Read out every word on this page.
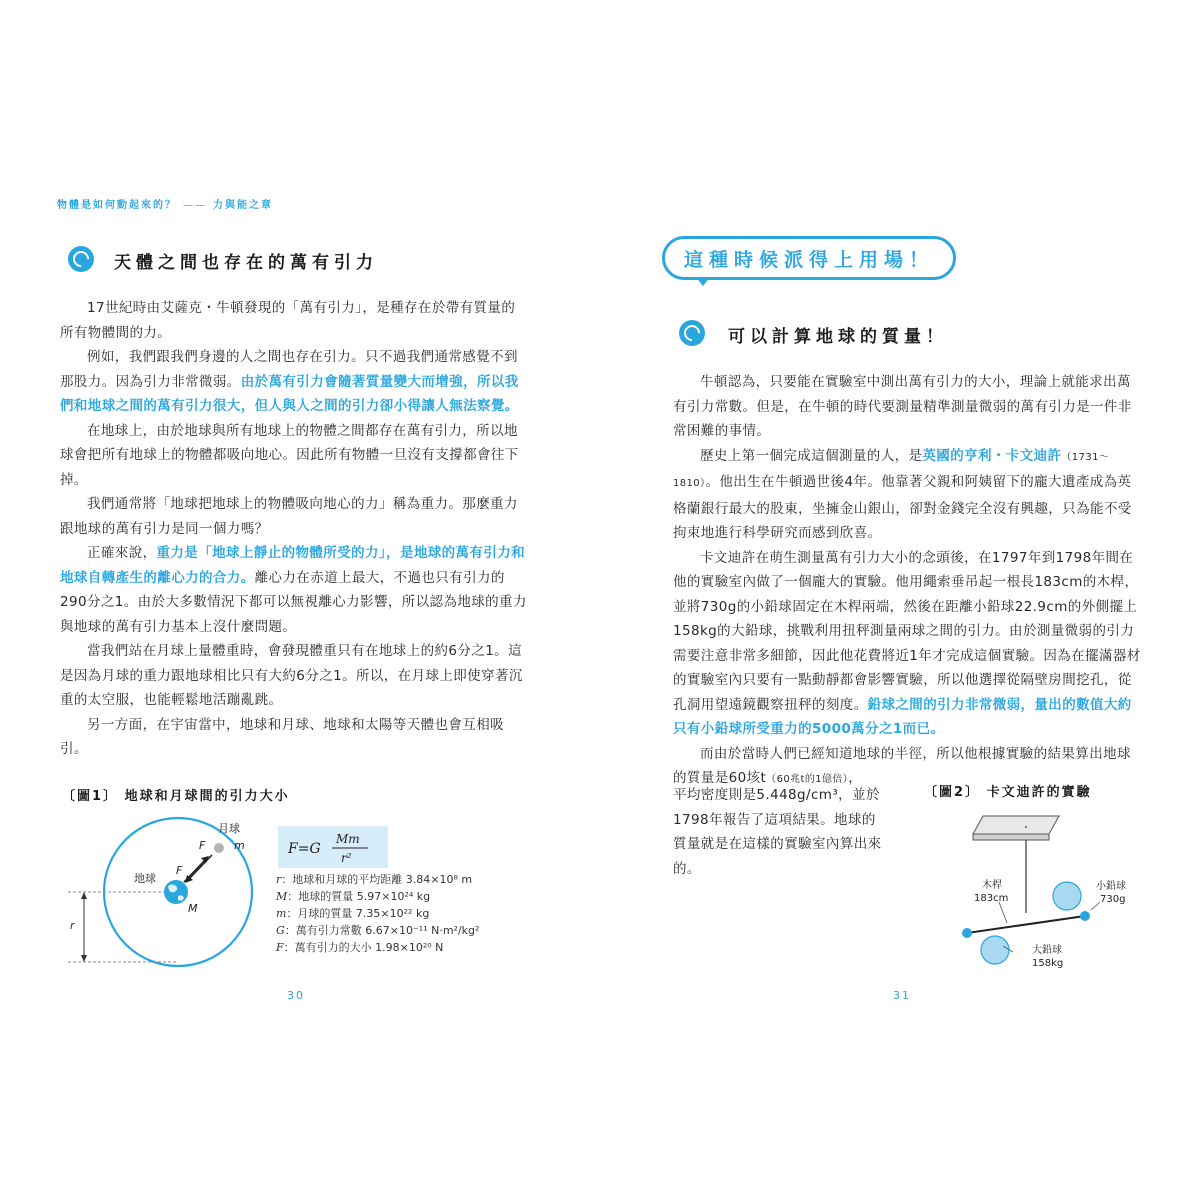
物體是如何動起來的？ —— 力與能之章
天體之間也存在的萬有引力

17世紀時由艾薩克・牛頓發現的「萬有引力」，是種存在於帶有質量的所有物體間的力。

例如，我們跟我們身邊的人之間也存在引力。只不過我們通常感覺不到那股力。因為引力非常微弱。由於萬有引力會隨著質量變大而增強，所以我們和地球之間的萬有引力很大，但人與人之間的引力卻小得讓人無法察覺。

在地球上，由於地球與所有地球上的物體之間都存在萬有引力，所以地球會把所有地球上的物體都吸向地心。因此所有物體一旦沒有支撐都會往下掉。

我們通常將「地球把地球上的物體吸向地心的力」稱為重力。那麼重力跟地球的萬有引力是同一個力嗎？

正確來說，重力是「地球上靜止的物體所受的力」，是地球的萬有引力和地球自轉產生的離心力的合力。離心力在赤道上最大，不過也只有引力的290分之1。由於大多數情況下都可以無視離心力影響，所以認為地球的重力與地球的萬有引力基本上沒什麼問題。

當我們站在月球上量體重時，會發現體重只有在地球上的約6分之1。這是因為月球的重力跟地球相比只有大約6分之1。所以，在月球上即使穿著沉重的太空服，也能輕鬆地活蹦亂跳。

另一方面，在宇宙當中，地球和月球、地球和太陽等天體也會互相吸引。

〔圖1〕 地球和月球間的引力大小
r
月球
m
F
F
地球
M
F=G
Mm
r²
r：地球和月球的平均距離 3.84×10⁸ m
M：地球的質量 5.97×10²⁴ kg
m：月球的質量 7.35×10²² kg
G：萬有引力常數 6.67×10⁻¹¹ N·m²/kg²
F：萬有引力的大小 1.98×10²⁰ N
30
這種時候派得上用場！
可以計算地球的質量！

牛頓認為，只要能在實驗室中測出萬有引力的大小，理論上就能求出萬有引力常數。但是，在牛頓的時代要測量精準測量微弱的萬有引力是一件非常困難的事情。

歷史上第一個完成這個測量的人，是英國的亨利・卡文迪許（1731～1810）。他出生在牛頓過世後4年。他靠著父親和阿姨留下的龐大遺產成為英格蘭銀行最大的股東，坐擁金山銀山，卻對金錢完全沒有興趣，只為能不受拘束地進行科學研究而感到欣喜。

卡文迪許在萌生測量萬有引力大小的念頭後，在1797年到1798年間在他的實驗室內做了一個龐大的實驗。他用繩索垂吊起一根長183cm的木桿，並將730g的小鉛球固定在木桿兩端，然後在距離小鉛球22.9cm的外側擺上158kg的大鉛球，挑戰利用扭秤測量兩球之間的引力。由於測量微弱的引力需要注意非常多細節，因此他花費將近1年才完成這個實驗。因為在擺滿器材的實驗室內只要有一點動靜都會影響實驗，所以他選擇從隔壁房間挖孔，從孔洞用望遠鏡觀察扭秤的刻度。鉛球之間的引力非常微弱，量出的數值大約只有小鉛球所受重力的5000萬分之1而已。

而由於當時人們已經知道地球的半徑，所以他根據實驗的結果算出地球的質量是60垓t（60兆t的1億倍），

平均密度則是5.448g/cm³，並於1798年報告了這項結果。地球的質量就是在這樣的實驗室內算出來的。

〔圖2〕 卡文迪許的實驗
木桿
183cm
小鉛球
730g
大鉛球
158kg
31
